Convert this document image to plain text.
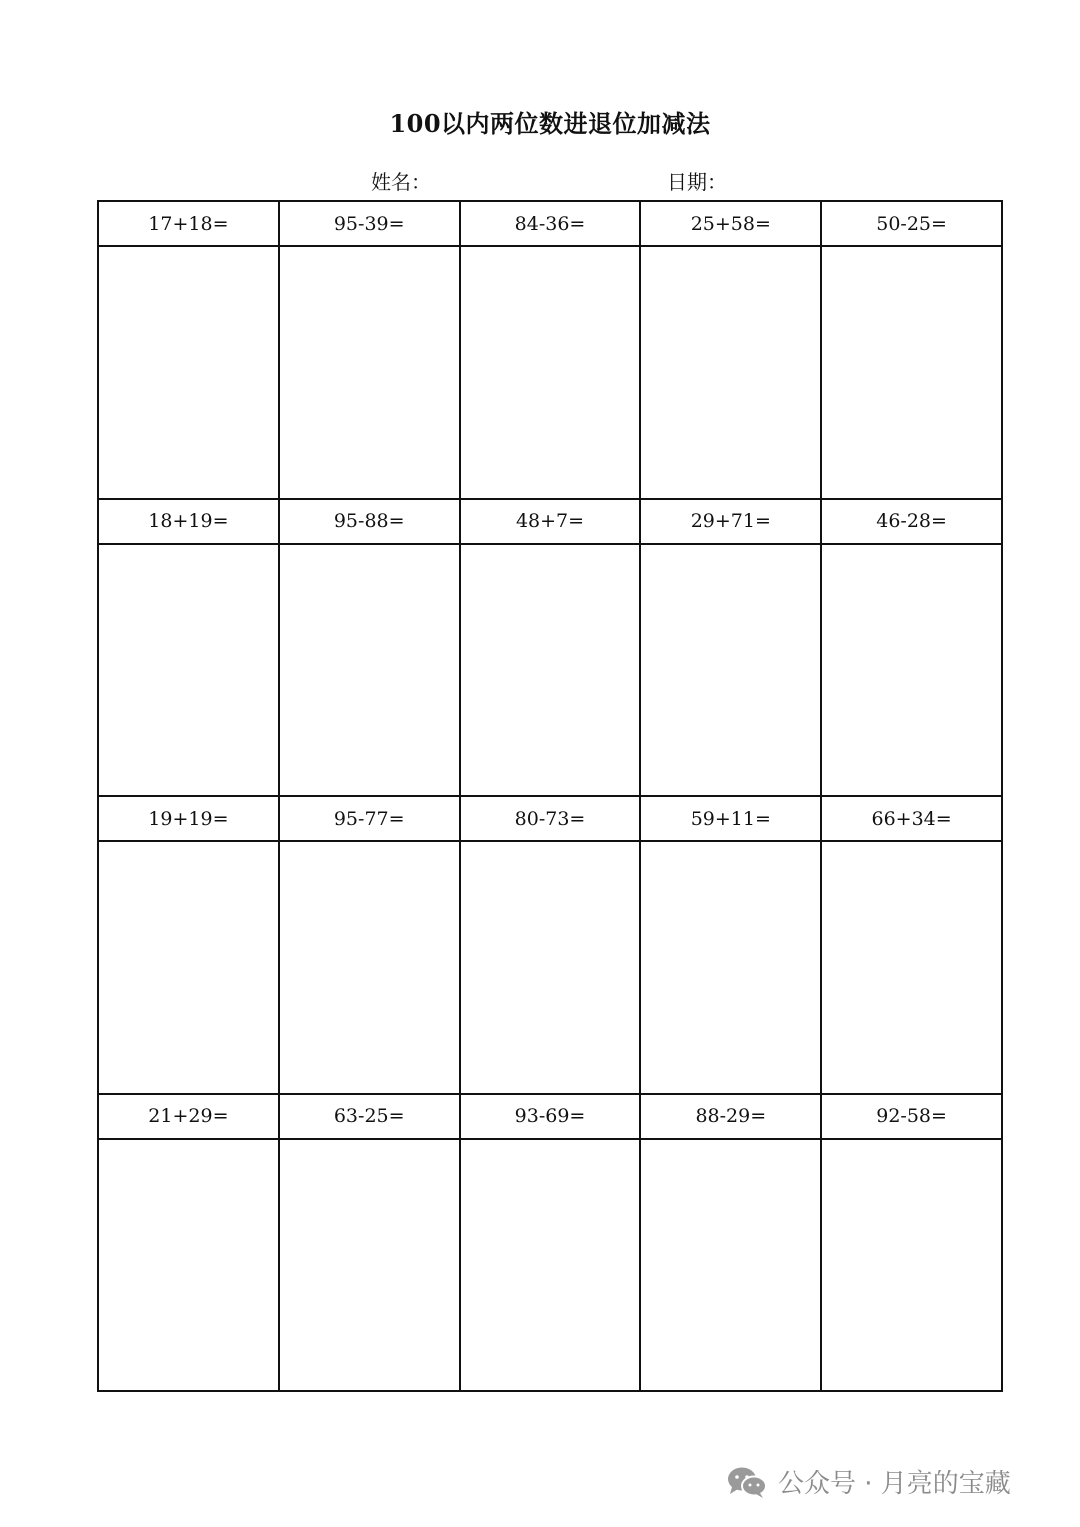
100以内两位数进退位加减法
姓名：	日期：
17+18=	95-39=	84-36=	25+58=	50-25=
18+19=	95-88=	48+7=	29+71=	46-28=
19+19=	95-77=	80-73=	59+11=	66+34=
21+29=	63-25=	93-69=	88-29=	92-58=
公众号 · 月亮的宝藏
